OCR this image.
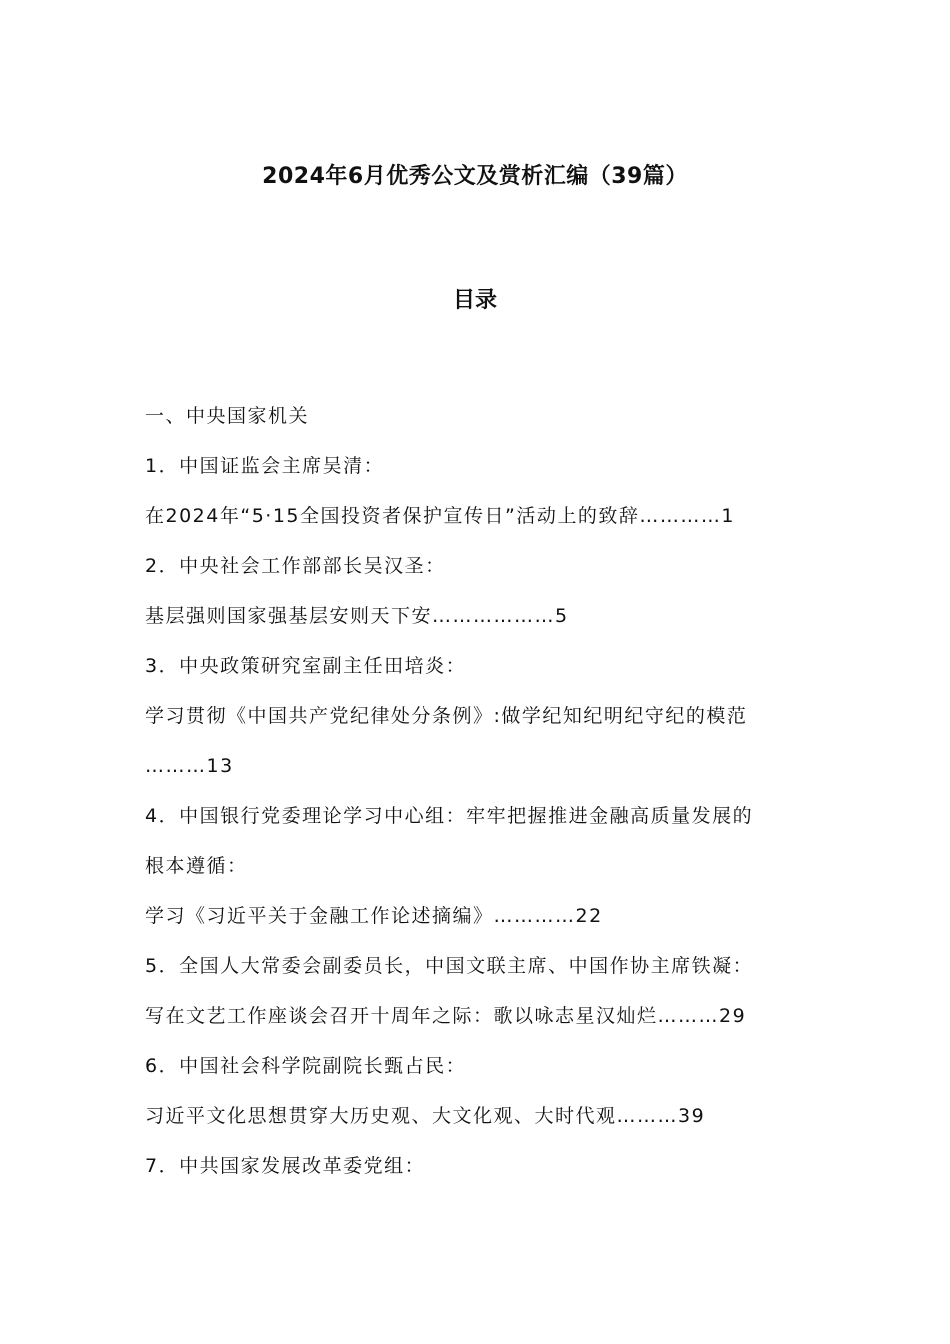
2024年6月优秀公文及赏析汇编（39篇）
目录
一、中央国家机关
1．中国证监会主席吴清：
在2024年“5·15全国投资者保护宣传日”活动上的致辞…………1
2．中央社会工作部部长吴汉圣：
基层强则国家强基层安则天下安………………5
3．中央政策研究室副主任田培炎：
学习贯彻《中国共产党纪律处分条例》:做学纪知纪明纪守纪的模范
………13
4．中国银行党委理论学习中心组：牢牢把握推进金融高质量发展的
根本遵循：
学习《习近平关于金融工作论述摘编》…………22
5．全国人大常委会副委员长，中国文联主席、中国作协主席铁凝：
写在文艺工作座谈会召开十周年之际：歌以咏志星汉灿烂………29
6．中国社会科学院副院长甄占民：
习近平文化思想贯穿大历史观、大文化观、大时代观………39
7．中共国家发展改革委党组：
